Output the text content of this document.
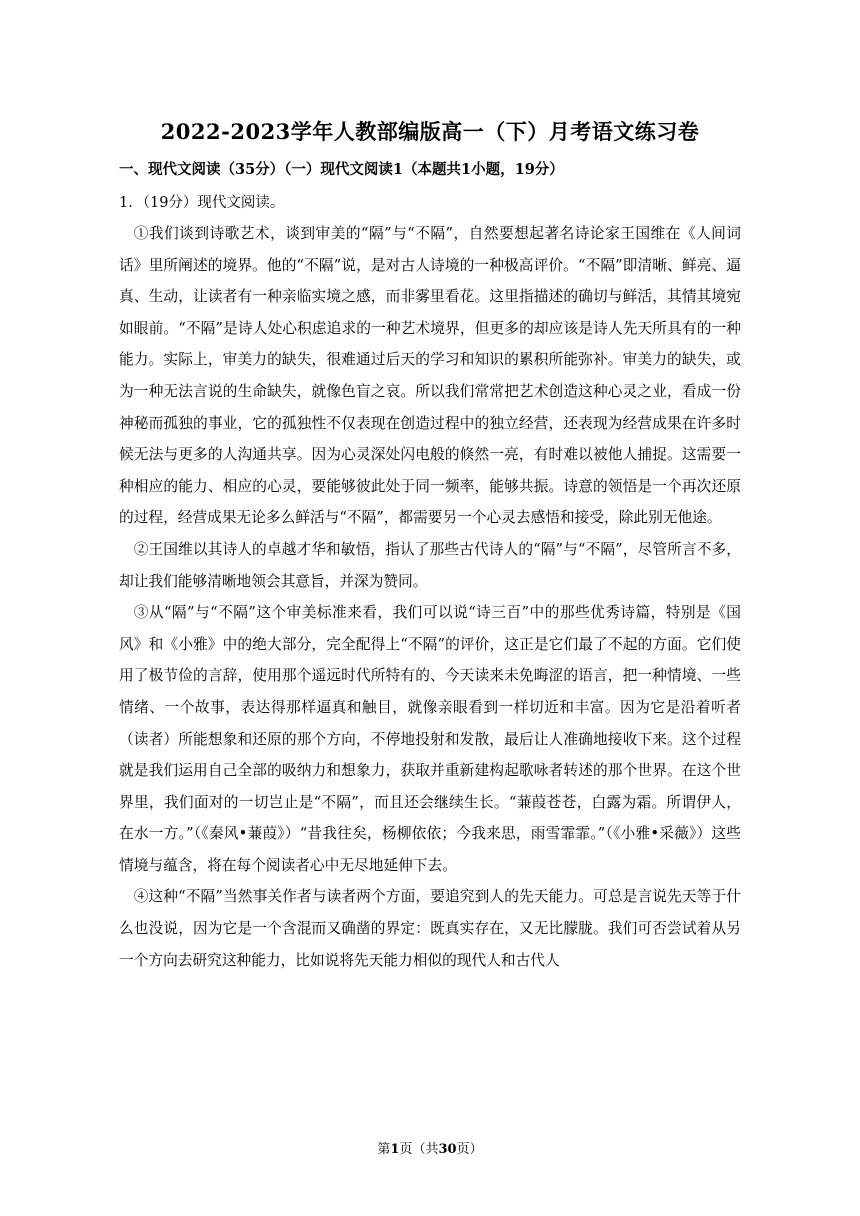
2022-2023学年人教部编版高一（下）月考语文练习卷

一、现代文阅读（35分）（一）现代文阅读1（本题共1小题，19分）

1．（19分）现代文阅读。

①我们谈到诗歌艺术，谈到审美的“隔”与“不隔”，自然要想起著名诗论家王国维在《人间词话》里所阐述的境界。他的“不隔”说，是对古人诗境的一种极高评价。“不隔”即清晰、鲜亮、逼真、生动，让读者有一种亲临实境之感，而非雾里看花。这里指描述的确切与鲜活，其情其境宛如眼前。“不隔”是诗人处心积虑追求的一种艺术境界，但更多的却应该是诗人先天所具有的一种能力。实际上，审美力的缺失，很难通过后天的学习和知识的累积所能弥补。审美力的缺失，或为一种无法言说的生命缺失，就像色盲之哀。所以我们常常把艺术创造这种心灵之业，看成一份神秘而孤独的事业，它的孤独性不仅表现在创造过程中的独立经营，还表现为经营成果在许多时候无法与更多的人沟通共享。因为心灵深处闪电般的倏然一亮，有时难以被他人捕捉。这需要一种相应的能力、相应的心灵，要能够彼此处于同一频率，能够共振。诗意的领悟是一个再次还原的过程，经营成果无论多么鲜活与“不隔”，都需要另一个心灵去感悟和接受，除此别无他途。

②王国维以其诗人的卓越才华和敏悟，指认了那些古代诗人的“隔”与“不隔”，尽管所言不多，却让我们能够清晰地领会其意旨，并深为赞同。

③从“隔”与“不隔”这个审美标准来看，我们可以说“诗三百”中的那些优秀诗篇，特别是《国风》和《小雅》中的绝大部分，完全配得上“不隔”的评价，这正是它们最了不起的方面。它们使用了极节俭的言辞，使用那个遥远时代所特有的、今天读来未免晦涩的语言，把一种情境、一些情绪、一个故事，表达得那样逼真和触目，就像亲眼看到一样切近和丰富。因为它是沿着听者（读者）所能想象和还原的那个方向，不停地投射和发散，最后让人准确地接收下来。这个过程就是我们运用自己全部的吸纳力和想象力，获取并重新建构起歌咏者转述的那个世界。在这个世界里，我们面对的一切岂止是“不隔”，而且还会继续生长。“蒹葭苍苍，白露为霜。所谓伊人，在水一方。”（《秦风•蒹葭》）“昔我往矣，杨柳依依；今我来思，雨雪霏霏。”（《小雅•采薇》）这些情境与蕴含，将在每个阅读者心中无尽地延伸下去。

④这种“不隔”当然事关作者与读者两个方面，要追究到人的先天能力。可总是言说先天等于什么也没说，因为它是一个含混而又确凿的界定：既真实存在，又无比朦胧。我们可否尝试着从另一个方向去研究这种能力，比如说将先天能力相似的现代人和古代人

第1页（共30页）
